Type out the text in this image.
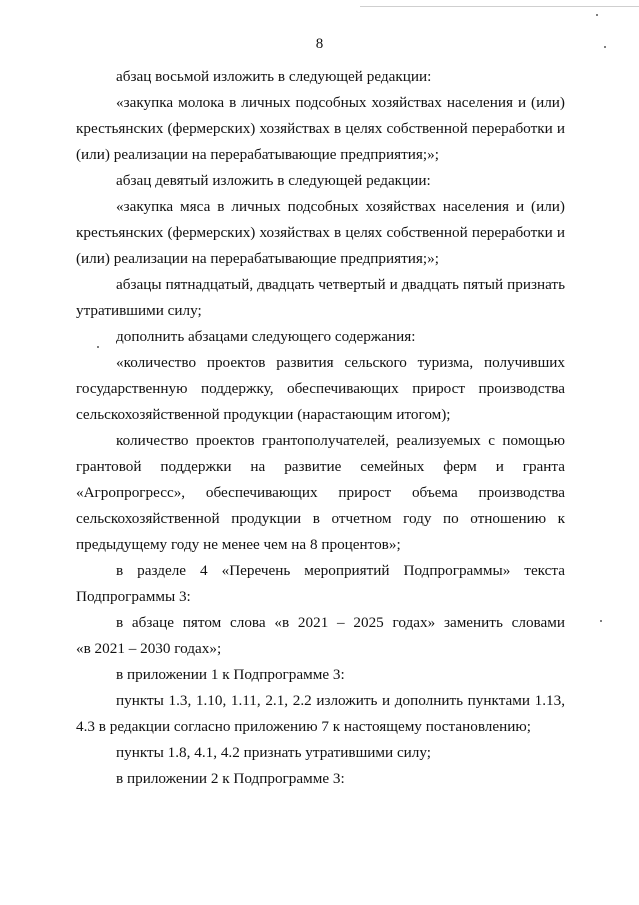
8
абзац восьмой изложить в следующей редакции:
«закупка молока в личных подсобных хозяйствах населения и (или)
крестьянских (фермерских) хозяйствах в целях собственной переработки и
(или) реализации на перерабатывающие предприятия;»;
абзац девятый изложить в следующей редакции:
«закупка мяса в личных подсобных хозяйствах населения и (или)
крестьянских (фермерских) хозяйствах в целях собственной переработки и
(или) реализации на перерабатывающие предприятия;»;
абзацы пятнадцатый, двадцать четвертый и двадцать пятый признать
утратившими силу;
дополнить абзацами следующего содержания:
«количество проектов развития сельского туризма, получивших
государственную поддержку, обеспечивающих прирост производства
сельскохозяйственной продукции (нарастающим итогом);
количество проектов грантополучателей, реализуемых с помощью
грантовой поддержки на развитие семейных ферм и гранта
«Агропрогресс», обеспечивающих прирост объема производства
сельскохозяйственной продукции в отчетном году по отношению к
предыдущему году не менее чем на 8 процентов»;
в разделе 4 «Перечень мероприятий Подпрограммы» текста
Подпрограммы 3:
в абзаце пятом слова «в 2021 – 2025 годах» заменить словами
«в 2021 – 2030 годах»;
в приложении 1 к Подпрограмме 3:
пункты 1.3, 1.10, 1.11, 2.1, 2.2 изложить и дополнить пунктами 1.13,
4.3 в редакции согласно приложению 7 к настоящему постановлению;
пункты 1.8, 4.1, 4.2 признать утратившими силу;
в приложении 2 к Подпрограмме 3:
